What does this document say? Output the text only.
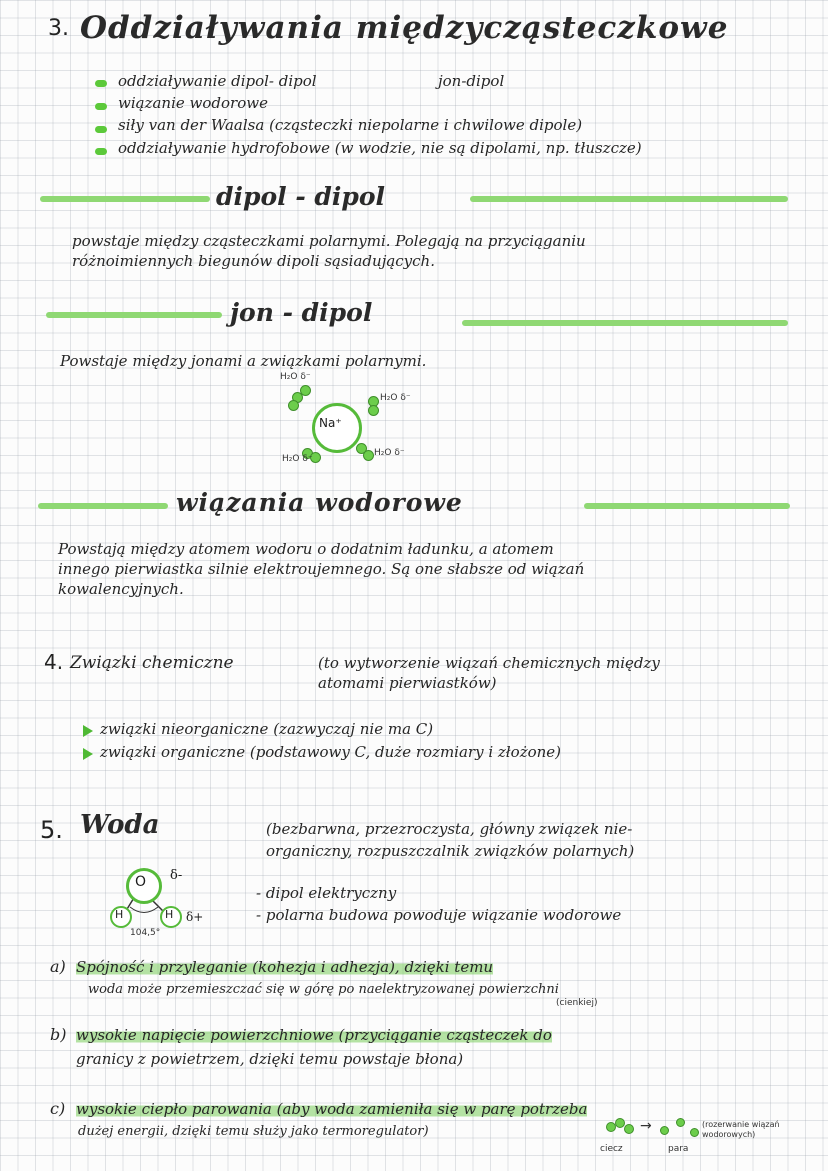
3. Oddziaływania międzycząsteczkowe
oddziaływanie dipol- dipol	jon-dipol
wiązanie wodorowe
siły van der Waalsa (cząsteczki niepolarne i chwilowe dipole)
oddziaływanie hydrofobowe (w wodzie, nie są dipolami, np. tłuszcze)
dipol - dipol
powstaje między cząsteczkami polarnymi. Polegają na przyciąganiu
różnoimiennych biegunów dipoli sąsiadujących.
jon - dipol
Powstaje między jonami a związkami polarnymi.
Na⁺
H₂O δ⁻
H₂O δ⁻
H₂O δ⁻
H₂O δ⁻
wiązania wodorowe
Powstają między atomem wodoru o dodatnim ładunku, a atomem
innego pierwiastka silnie elektroujemnego. Są one słabsze od wiązań
kowalencyjnych.
4. Związki chemiczne	(to wytworzenie wiązań chemicznych między
atomami pierwiastków)
związki nieorganiczne (zazwyczaj nie ma C)
związki organiczne (podstawowy C, duże rozmiary i złożone)
5. Woda	(bezbarwna, przezroczysta, główny związek nie-
organiczny, rozpuszczalnik związków polarnych)
O δ-
H	H δ+
104,5°
- dipol elektryczny
- polarna budowa powoduje wiązanie wodorowe
a) Spójność i przyleganie (kohezja i adhezja), dzięki temu
woda może przemieszczać się w górę po naelektryzowanej powierzchni
(cienkiej)
b) wysokie napięcie powierzchniowe (przyciąganie cząsteczek do
granicy z powietrzem, dzięki temu powstaje błona)
c) wysokie ciepło parowania (aby woda zamieniła się w parę potrzeba
dużej energii, dzięki temu służy jako termoregulator)	→
ciecz	para
(rozerwanie wiązań wodorowych)
